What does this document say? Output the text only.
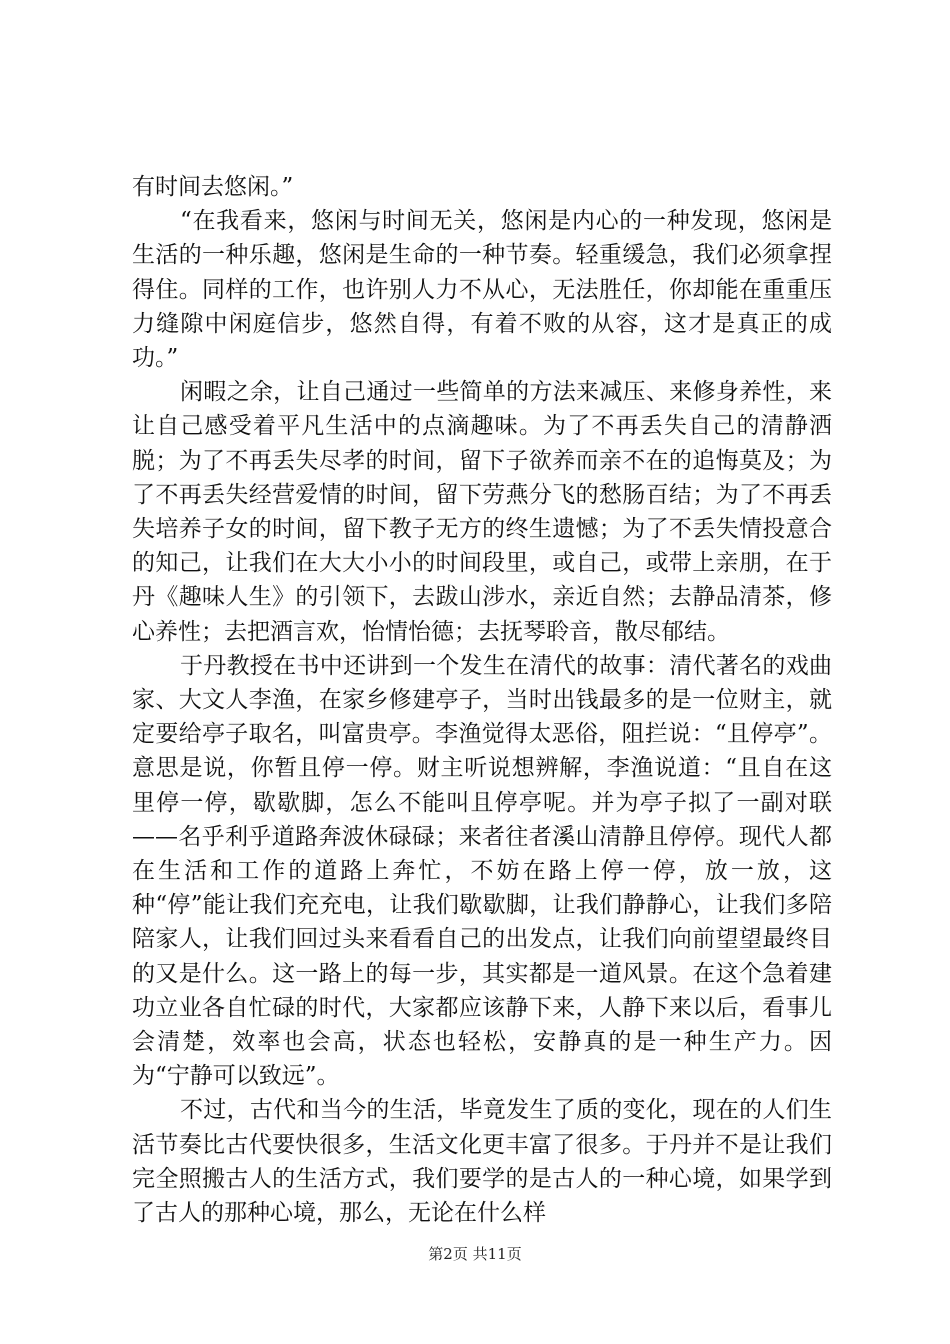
有时间去悠闲。”

“在我看来，悠闲与时间无关，悠闲是内心的一种发现，悠闲是生活的一种乐趣，悠闲是生命的一种节奏。轻重缓急，我们必须拿捏得住。同样的工作，也许别人力不从心，无法胜任，你却能在重重压力缝隙中闲庭信步，悠然自得，有着不败的从容，这才是真正的成功。”

闲暇之余，让自己通过一些简单的方法来减压、来修身养性，来让自己感受着平凡生活中的点滴趣味。为了不再丢失自己的清静洒脱；为了不再丢失尽孝的时间，留下子欲养而亲不在的追悔莫及；为了不再丢失经营爱情的时间，留下劳燕分飞的愁肠百结；为了不再丢失培养子女的时间，留下教子无方的终生遗憾；为了不丢失情投意合的知己，让我们在大大小小的时间段里，或自己，或带上亲朋，在于丹《趣味人生》的引领下，去跋山涉水，亲近自然；去静品清茶，修心养性；去把酒言欢，怡情怡德；去抚琴聆音，散尽郁结。

于丹教授在书中还讲到一个发生在清代的故事：清代著名的戏曲家、大文人李渔，在家乡修建亭子，当时出钱最多的是一位财主，就定要给亭子取名，叫富贵亭。李渔觉得太恶俗，阻拦说：“且停亭”。意思是说，你暂且停一停。财主听说想辨解，李渔说道：“且自在这里停一停，歇歇脚，怎么不能叫且停亭呢。并为亭子拟了一副对联——名乎利乎道路奔波休碌碌；来者往者溪山清静且停停。现代人都在生活和工作的道路上奔忙，不妨在路上停一停，放一放，这种“停”能让我们充充电，让我们歇歇脚，让我们静静心，让我们多陪陪家人，让我们回过头来看看自己的出发点，让我们向前望望最终目的又是什么。这一路上的每一步，其实都是一道风景。在这个急着建功立业各自忙碌的时代，大家都应该静下来，人静下来以后，看事儿会清楚，效率也会高，状态也轻松，安静真的是一种生产力。因为“宁静可以致远”。

不过，古代和当今的生活，毕竟发生了质的变化，现在的人们生活节奏比古代要快很多，生活文化更丰富了很多。于丹并不是让我们完全照搬古人的生活方式，我们要学的是古人的一种心境，如果学到了古人的那种心境，那么，无论在什么样

第2页 共11页
